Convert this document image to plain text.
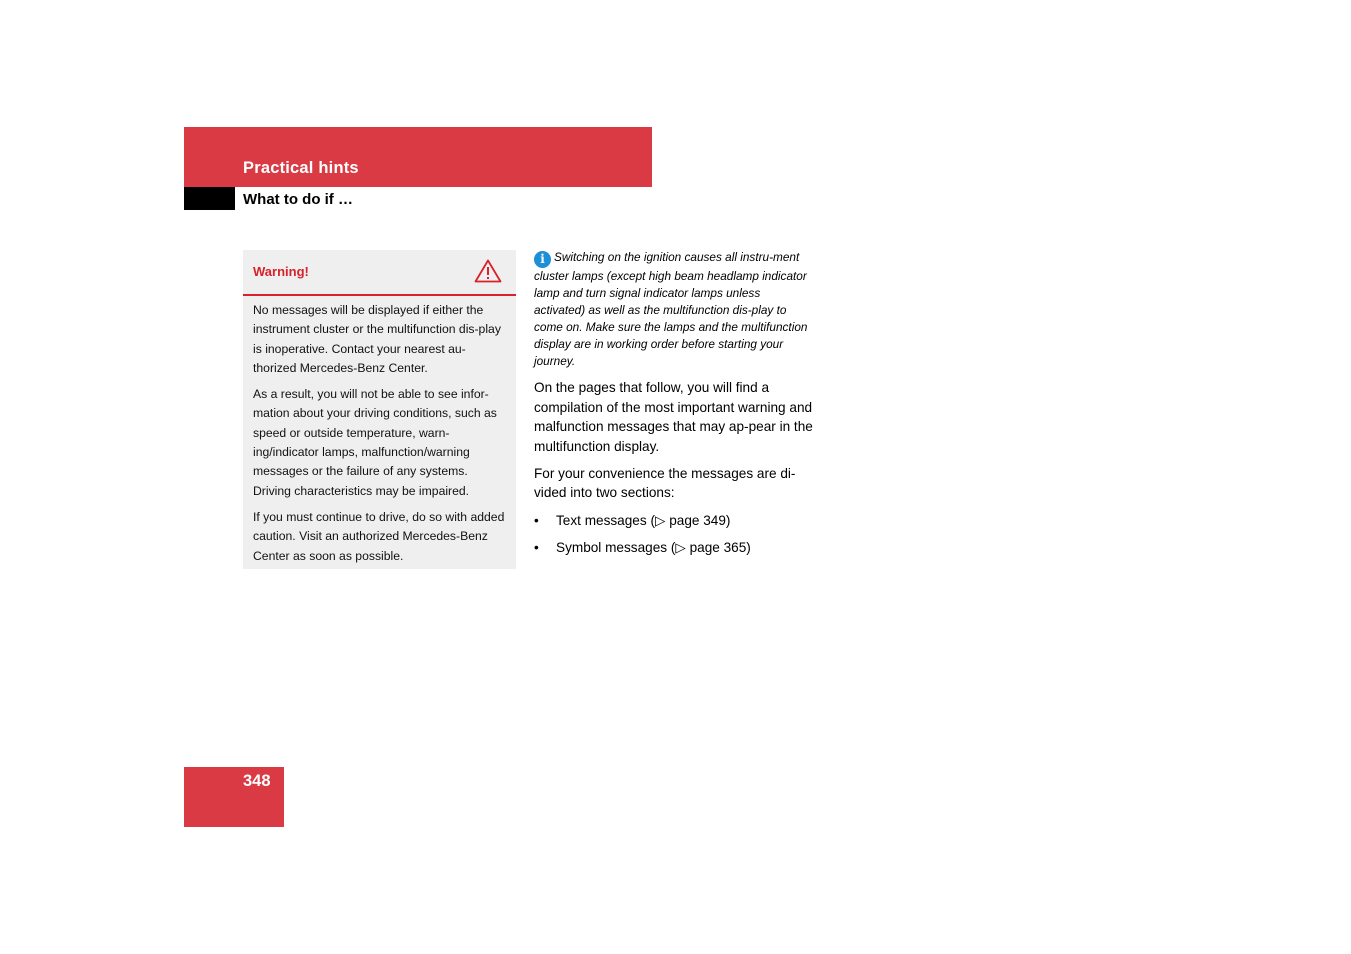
Practical hints
What to do if …
Warning!

No messages will be displayed if either the instrument cluster or the multifunction dis-play is inoperative. Contact your nearest au-thorized Mercedes-Benz Center.

As a result, you will not be able to see infor-mation about your driving conditions, such as speed or outside temperature, warn-ing/indicator lamps, malfunction/warning messages or the failure of any systems. Driving characteristics may be impaired.

If you must continue to drive, do so with added caution. Visit an authorized Mercedes-Benz Center as soon as possible.

i Switching on the ignition causes all instru-ment cluster lamps (except high beam headlamp indicator lamp and turn signal indicator lamps unless activated) as well as the multifunction dis-play to come on. Make sure the lamps and the multifunction display are in working order before starting your journey.

On the pages that follow, you will find a compilation of the most important warning and malfunction messages that may ap-pear in the multifunction display.

For your convenience the messages are di-vided into two sections:

• Text messages (▷ page 349)
• Symbol messages (▷ page 365)
348
